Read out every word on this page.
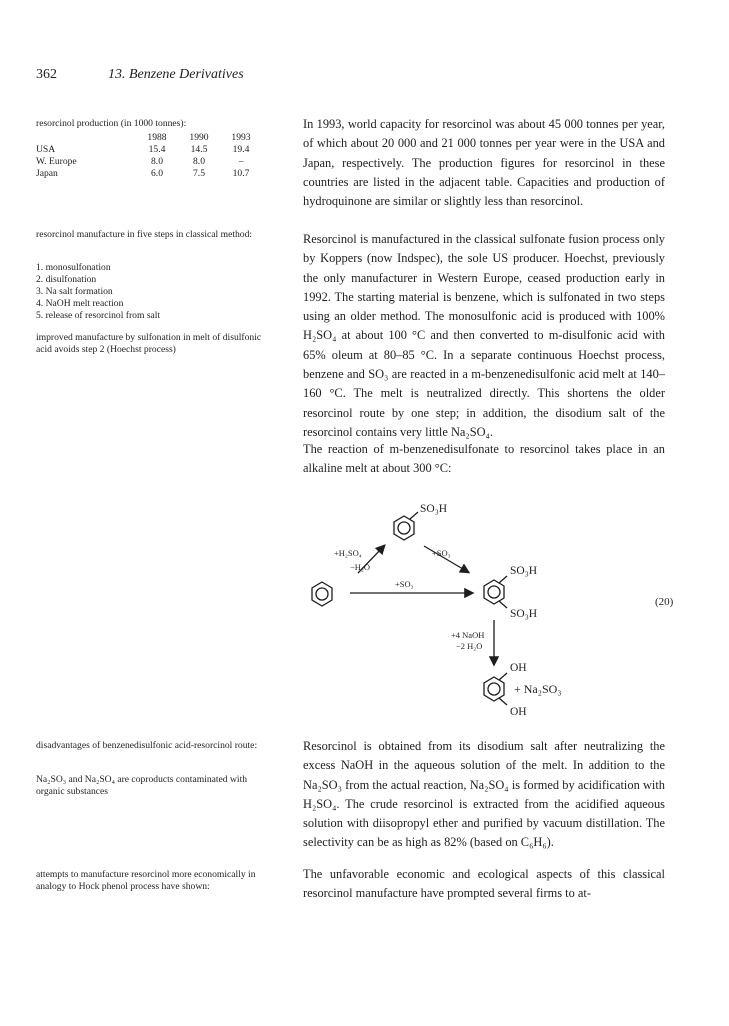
362	13. Benzene Derivatives
resorcinol production (in 1000 tonnes):
	1988	1990	1993
USA	15.4	14.5	19.4
W. Europe	8.0	8.0	–
Japan	6.0	7.5	10.7
resorcinol manufacture in five steps in classical method:

1. monosulfonation

2. disulfonation

3. Na salt formation

4. NaOH melt reaction

5. release of resorcinol from salt

improved manufacture by sulfonation in melt of disulfonic acid avoids step 2 (Hoechst process)
disadvantages of benzenedisulfonic acid-resorcinol route:
Na₂SO₃ and Na₂SO₄ are coproducts contaminated with organic substances
attempts to manufacture resorcinol more economically in analogy to Hock phenol process have shown:

In 1993, world capacity for resorcinol was about 45 000 tonnes per year, of which about 20 000 and 21 000 tonnes per year were in the USA and Japan, respectively. The production figures for resorcinol in these countries are listed in the adjacent table. Capacities and production of hydroquinone are similar or slightly less than resorcinol.

Resorcinol is manufactured in the classical sulfonate fusion process only by Koppers (now Indspec), the sole US producer. Hoechst, previously the only manufacturer in Western Europe, ceased production early in 1992. The starting material is benzene, which is sulfonated in two steps using an older method. The monosulfonic acid is produced with 100% H₂SO₄ at about 100 °C and then converted to m-disulfonic acid with 65% oleum at 80–85 °C. In a separate continuous Hoechst process, benzene and SO₃ are reacted in a m-benzenedisulfonic acid melt at 140–160 °C. The melt is neutralized directly. This shortens the older resorcinol route by one step; in addition, the disodium salt of the resorcinol contains very little Na₂SO₄.

The reaction of m-benzenedisulfonate to resorcinol takes place in an alkaline melt at about 300 °C:

SO₃H
+H₂SO₄
−H₂O
+SO₃
+SO₃
SO₃H
SO₃H
+4 NaOH
−2 H₂O
OH
OH
+ Na₂SO₃
(20)

Resorcinol is obtained from its disodium salt after neutralizing the excess NaOH in the aqueous solution of the melt. In addition to the Na₂SO₃ from the actual reaction, Na₂SO₄ is formed by acidification with H₂SO₄. The crude resorcinol is extracted from the acidified aqueous solution with diisopropyl ether and purified by vacuum distillation. The selectivity can be as high as 82% (based on C₆H₆).

The unfavorable economic and ecological aspects of this classical resorcinol manufacture have prompted several firms to at-
